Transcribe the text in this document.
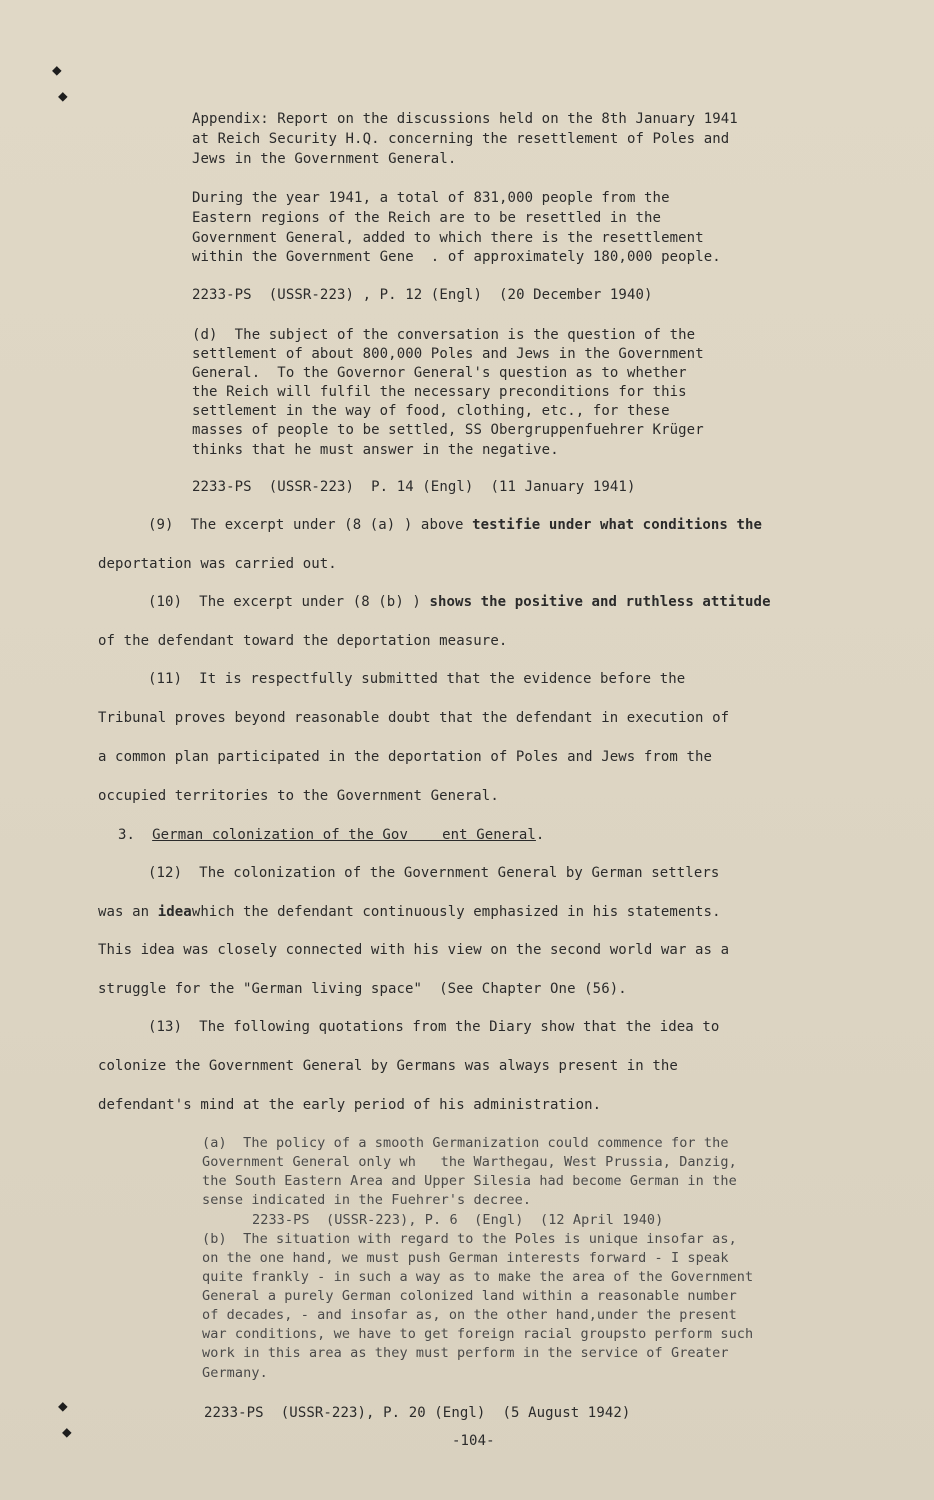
◆
◆
◆
◆
Appendix: Report on the discussions held on the 8th January 1941
at Reich Security H.Q. concerning the resettlement of Poles and
Jews in the Government General.
During the year 1941, a total of 831,000 people from the
Eastern regions of the Reich are to be resettled in the
Government General, added to which there is the resettlement
within the Government Gene  . of approximately 180,000 people.
2233-PS  (USSR-223) , P. 12 (Engl)  (20 December 1940)
(d)  The subject of the conversation is the question of the
settlement of about 800,000 Poles and Jews in the Government
General.  To the Governor General's question as to whether
the Reich will fulfil the necessary preconditions for this
settlement in the way of food, clothing, etc., for these
masses of people to be settled, SS Obergruppenfuehrer Krüger
thinks that he must answer in the negative.
2233-PS  (USSR-223)  P. 14 (Engl)  (11 January 1941)
(9)  The excerpt under (8 (a) ) above testifie under what conditions the
deportation was carried out.
(10)  The excerpt under (8 (b) ) shows the positive and ruthless attitude
of the defendant toward the deportation measure.
(11)  It is respectfully submitted that the evidence before the
Tribunal proves beyond reasonable doubt that the defendant in execution of
a common plan participated in the deportation of Poles and Jews from the
occupied territories to the Government General.
3.  German colonization of the Gov    ent General.
(12)  The colonization of the Government General by German settlers
was an ideawhich the defendant continuously emphasized in his statements.
This idea was closely connected with his view on the second world war as a
struggle for the "German living space"  (See Chapter One (56).
(13)  The following quotations from the Diary show that the idea to
colonize the Government General by Germans was always present in the
defendant's mind at the early period of his administration.
(a)  The policy of a smooth Germanization could commence for the
Government General only wh   the Warthegau, West Prussia, Danzig,
the South Eastern Area and Upper Silesia had become German in the
sense indicated in the Fuehrer's decree.
2233-PS  (USSR-223), P. 6  (Engl)  (12 April 1940)
(b)  The situation with regard to the Poles is unique insofar as,
on the one hand, we must push German interests forward - I speak
quite frankly - in such a way as to make the area of the Government
General a purely German colonized land within a reasonable number
of decades, - and insofar as, on the other hand,under the present
war conditions, we have to get foreign racial groupsto perform such
work in this area as they must perform in the service of Greater
Germany.
2233-PS  (USSR-223), P. 20 (Engl)  (5 August 1942)
-104-
